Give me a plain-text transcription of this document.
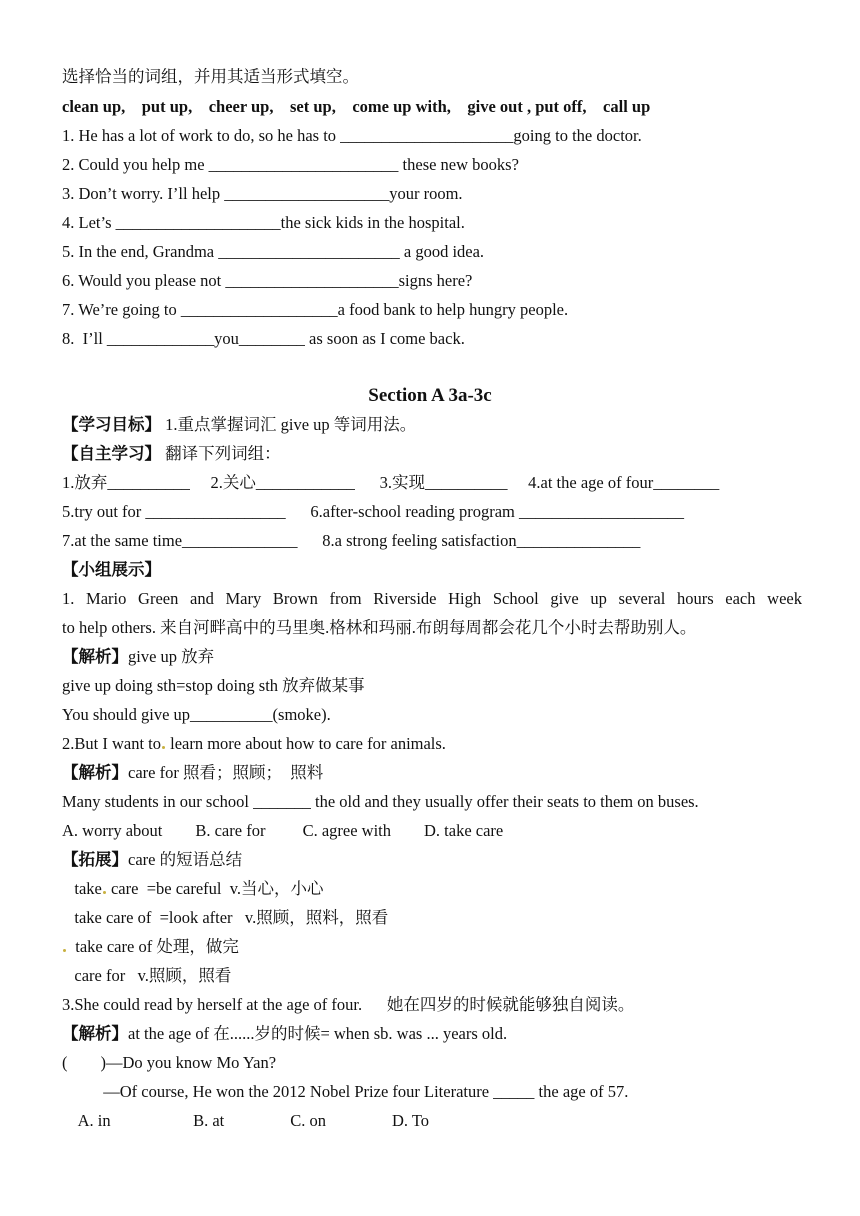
选择恰当的词组，并用其适当形式填空。
clean up,    put up,    cheer up,    set up,    come up with,    give out , put off,    call up
1. He has a lot of work to do, so he has to _____________________going to the doctor.
2. Could you help me _______________________ these new books?
3. Don’t worry. I’ll help ____________________your room.
4. Let’s ____________________the sick kids in the hospital.
5. In the end, Grandma ______________________ a good idea.
6. Would you please not _____________________signs here?
7. We’re going to ___________________a food bank to help hungry people.
8.  I’ll _____________you________ as soon as I come back.
Section A 3a-3c
【学习目标】 1.重点掌握词汇 give up 等词用法。
【自主学习】 翻译下列词组：
1.放弃__________     2.关心____________      3.实现__________     4.at the age of four________
5.try out for _________________      6.after-school reading program ____________________
7.at the same time______________      8.a strong feeling satisfaction_______________
【小组展示】
1. Mario Green and Mary Brown from Riverside High School give up several hours each week
to help others. 来自河畔高中的马里奥.格林和玛丽.布朗每周都会花几个小时去帮助别人。
【解析】give up 放弃
give up doing sth=stop doing sth 放弃做某事
You should give up__________(smoke).
2.But I want to learn more about how to care for animals.
【解析】care for 照看；照顾；  照料
Many students in our school _______ the old and they usually offer their seats to them on buses.
A. worry about        B. care for         C. agree with        D. take care
【拓展】care 的短语总结
take care  =be careful  v.当心，小心
take care of  =look after   v.照顾，照料，照看
take care of 处理，做完
care for   v.照顾，照看
3.She could read by herself at the age of four.      她在四岁的时候就能够独自阅读。
【解析】at the age of 在......岁的时候= when sb. was ... years old.
(        )—Do you know Mo Yan?
—Of course, He won the 2012 Nobel Prize four Literature _____ the age of 57.
A. in                    B. at                C. on                D. To
